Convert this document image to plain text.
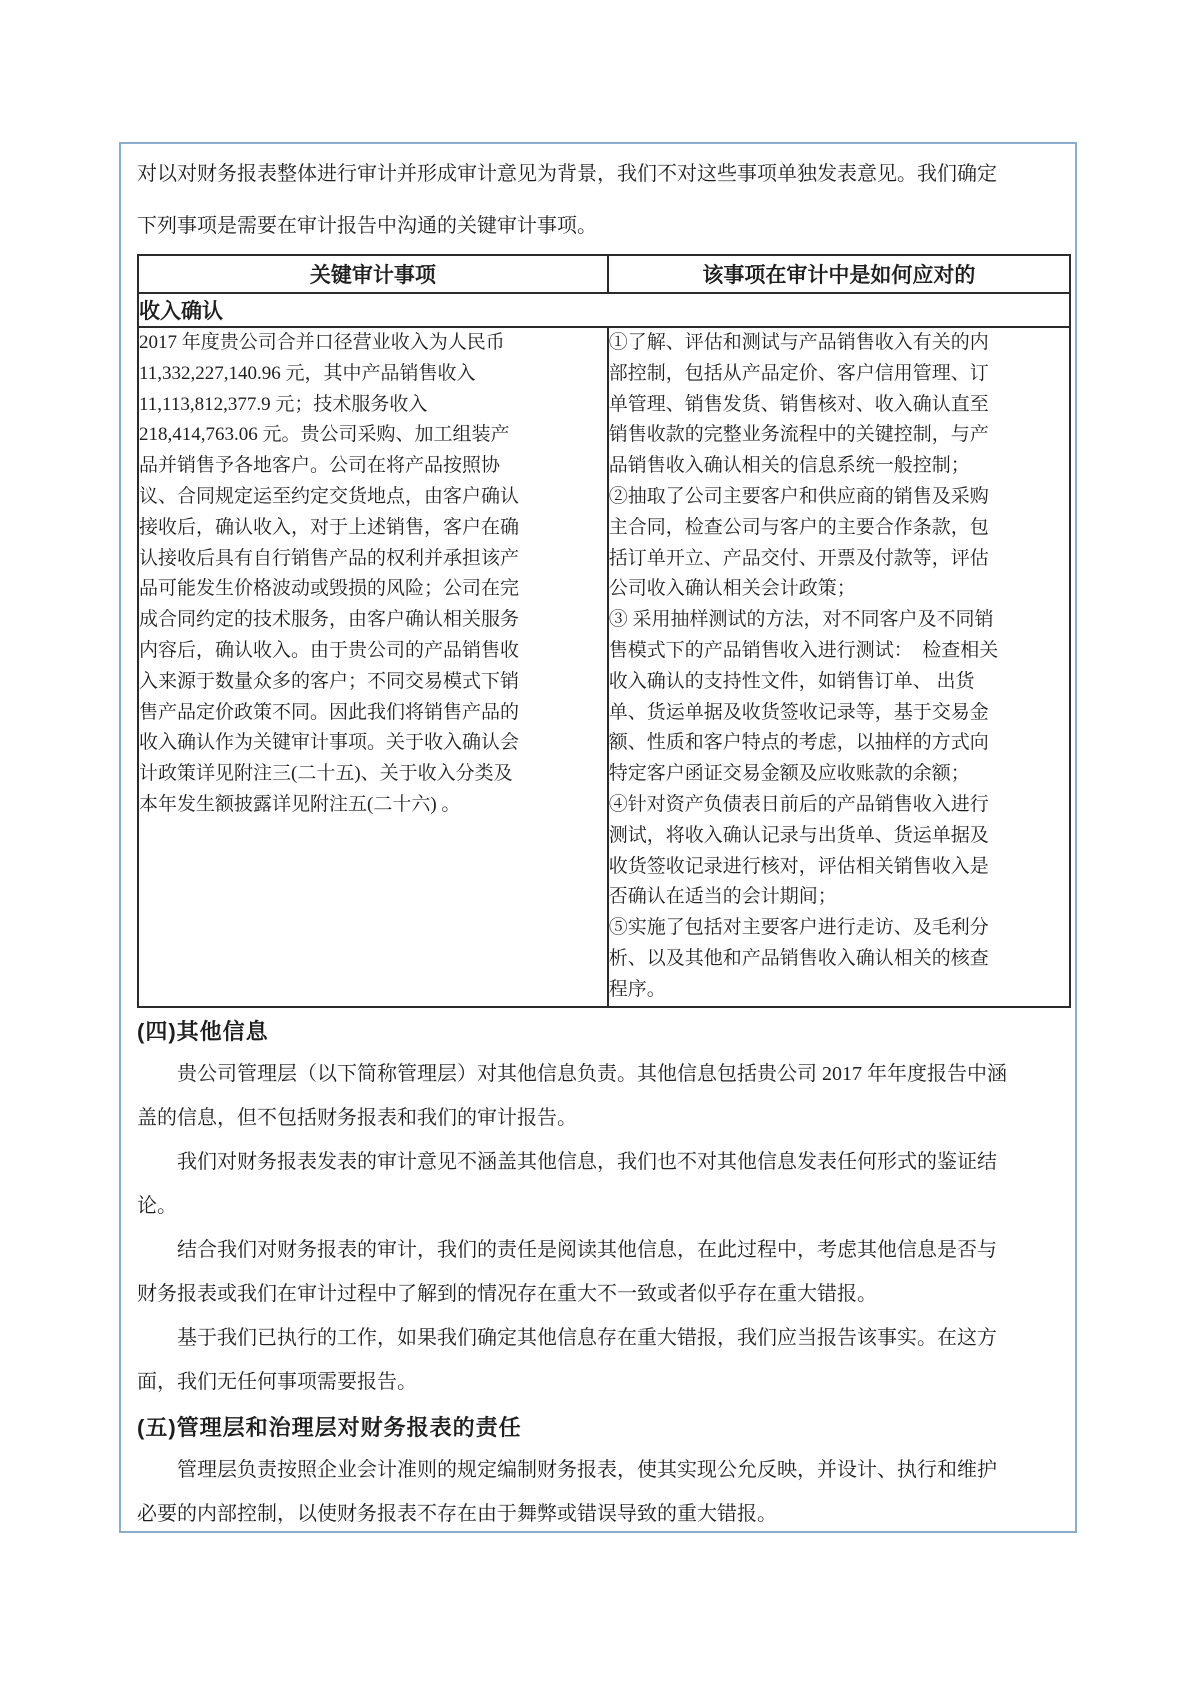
对以对财务报表整体进行审计并形成审计意见为背景，我们不对这些事项单独发表意见。我们确定
下列事项是需要在审计报告中沟通的关键审计事项。

关键审计事项	该事项在审计中是如何应对的
收入确认	
2017 年度贵公司合并口径营业收入为人民币
11,332,227,140.96 元，其中产品销售收入
11,113,812,377.9 元；技术服务收入
218,414,763.06 元。贵公司采购、加工组装产
品并销售予各地客户。公司在将产品按照协
议、合同规定运至约定交货地点，由客户确认
接收后，确认收入，对于上述销售，客户在确
认接收后具有自行销售产品的权利并承担该产
品可能发生价格波动或毁损的风险；公司在完
成合同约定的技术服务，由客户确认相关服务
内容后，确认收入。由于贵公司的产品销售收
入来源于数量众多的客户；不同交易模式下销
售产品定价政策不同。因此我们将销售产品的
收入确认作为关键审计事项。关于收入确认会
计政策详见附注三(二十五)、关于收入分类及
本年发生额披露详见附注五(二十六) 。	①了解、评估和测试与产品销售收入有关的内
部控制，包括从产品定价、客户信用管理、订
单管理、销售发货、销售核对、收入确认直至
销售收款的完整业务流程中的关键控制，与产
品销售收入确认相关的信息系统一般控制；
②抽取了公司主要客户和供应商的销售及采购
主合同，检查公司与客户的主要合作条款，包
括订单开立、产品交付、开票及付款等，评估
公司收入确认相关会计政策；
③ 采用抽样测试的方法，对不同客户及不同销
售模式下的产品销售收入进行测试：  检查相关
收入确认的支持性文件，如销售订单、 出货
单、货运单据及收货签收记录等，基于交易金
额、性质和客户特点的考虑，以抽样的方式向
特定客户函证交易金额及应收账款的余额；
④针对资产负债表日前后的产品销售收入进行
测试，将收入确认记录与出货单、货运单据及
收货签收记录进行核对，评估相关销售收入是
否确认在适当的会计期间；
⑤实施了包括对主要客户进行走访、及毛利分
析、以及其他和产品销售收入确认相关的核查
程序。
(四)其他信息

　　贵公司管理层（以下简称管理层）对其他信息负责。其他信息包括贵公司 2017 年年度报告中涵
盖的信息，但不包括财务报表和我们的审计报告。

　　我们对财务报表发表的审计意见不涵盖其他信息，我们也不对其他信息发表任何形式的鉴证结
论。

　　结合我们对财务报表的审计，我们的责任是阅读其他信息，在此过程中，考虑其他信息是否与
财务报表或我们在审计过程中了解到的情况存在重大不一致或者似乎存在重大错报。

　　基于我们已执行的工作，如果我们确定其他信息存在重大错报，我们应当报告该事实。在这方
面，我们无任何事项需要报告。

(五)管理层和治理层对财务报表的责任

　　管理层负责按照企业会计准则的规定编制财务报表，使其实现公允反映，并设计、执行和维护
必要的内部控制，以使财务报表不存在由于舞弊或错误导致的重大错报。
